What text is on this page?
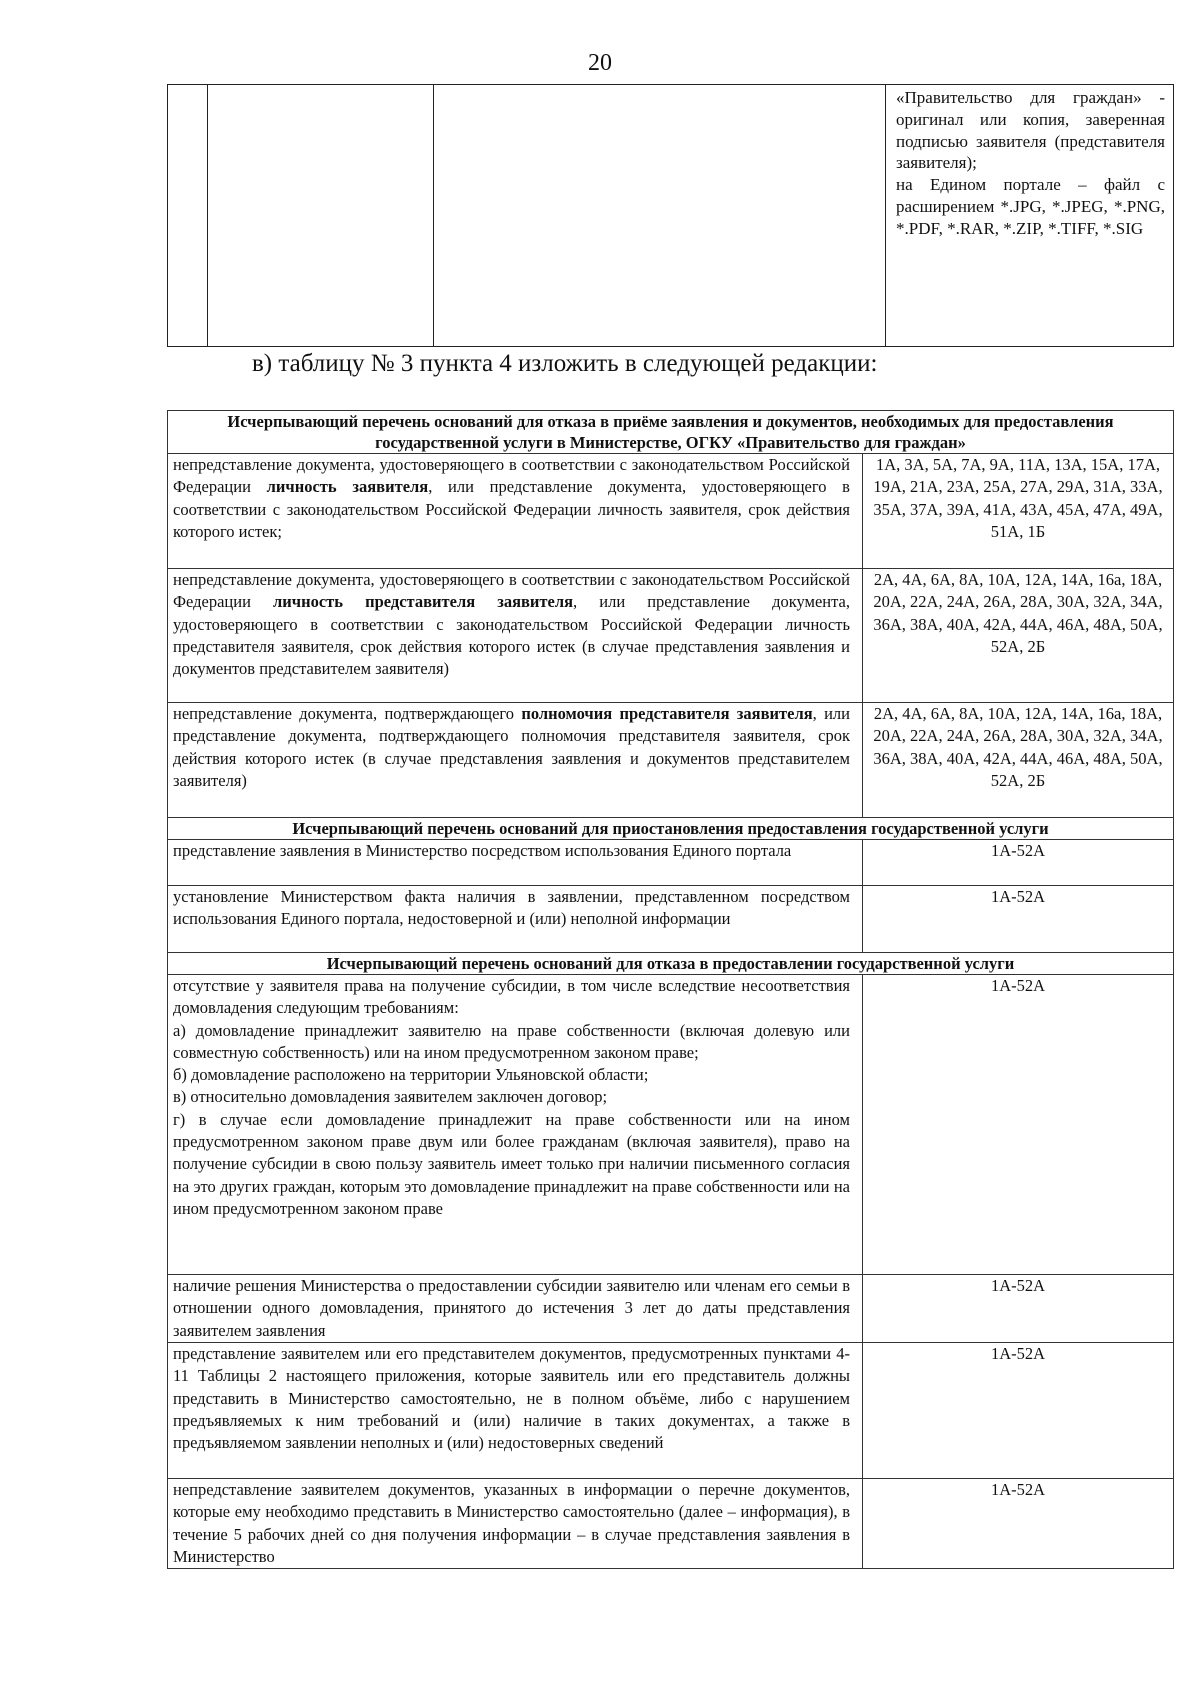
20

«Правительство для граждан» - оригинал или копия, заверенная подписью заявителя (представителя заявителя);
на Едином портале – файл с расширением *.JPG, *.JPEG, *.PNG, *.PDF, *.RAR, *.ZIP, *.TIFF, *.SIG
в) таблицу № 3 пункта 4 изложить в следующей редакции:
Исчерпывающий перечень оснований для отказа в приёме заявления и документов, необходимых для предоставления государственной услуги в Министерстве, ОГКУ «Правительство для граждан»	
непредставление документа, удостоверяющего в соответствии с законодательством Российской Федерации личность заявителя, или представление документа, удостоверяющего в соответствии с законодательством Российской Федерации личность заявителя, срок действия которого истек;	1А, 3А, 5А, 7А, 9А, 11А, 13А, 15А, 17А, 19А, 21А, 23А, 25А, 27А, 29А, 31А, 33А, 35А, 37А, 39А, 41А, 43А, 45А, 47А, 49А, 51А, 1Б
непредставление документа, удостоверяющего в соответствии с законодательством Российской Федерации личность представителя заявителя, или представление документа, удостоверяющего в соответствии с законодательством Российской Федерации личность представителя заявителя, срок действия которого истек (в случае представления заявления и документов представителем заявителя)	2А, 4А, 6А, 8А, 10А, 12А, 14А, 16а, 18А, 20А, 22А, 24А, 26А, 28А, 30А, 32А, 34А, 36А, 38А, 40А, 42А, 44А, 46А, 48А, 50А, 52А, 2Б
непредставление документа, подтверждающего полномочия представителя заявителя, или представление документа, подтверждающего полномочия представителя заявителя, срок действия которого истек (в случае представления заявления и документов представителем заявителя)	2А, 4А, 6А, 8А, 10А, 12А, 14А, 16а, 18А, 20А, 22А, 24А, 26А, 28А, 30А, 32А, 34А, 36А, 38А, 40А, 42А, 44А, 46А, 48А, 50А, 52А, 2Б
Исчерпывающий перечень оснований для приостановления предоставления государственной услуги	
представление заявления в Министерство посредством использования Единого портала	1А-52А
установление Министерством факта наличия в заявлении, представленном посредством использования Единого портала, недостоверной и (или) неполной информации	1А-52А
Исчерпывающий перечень оснований для отказа в предоставлении государственной услуги	

отсутствие у заявителя права на получение субсидии, в том числе вследствие несоответствия домовладения следующим требованиям:
а) домовладение принадлежит заявителю на праве собственности (включая долевую или совместную собственность) или на ином предусмотренном законом праве;
б) домовладение расположено на территории Ульяновской области;
в) относительно домовладения заявителем заключен договор;
г) в случае если домовладение принадлежит на праве собственности или на ином предусмотренном законом праве двум или более гражданам (включая заявителя), право на получение субсидии в свою пользу заявитель имеет только при наличии письменного согласия на это других граждан, которым это домовладение принадлежит на праве собственности или на ином предусмотренном законом праве	1А-52А
наличие решения Министерства о предоставлении субсидии заявителю или членам его семьи в отношении одного домовладения, принятого до истечения 3 лет до даты представления заявителем заявления	1А-52А
представление заявителем или его представителем документов, предусмотренных пунктами 4-11 Таблицы 2 настоящего приложения, которые заявитель или его представитель должны представить в Министерство самостоятельно, не в полном объёме, либо с нарушением предъявляемых к ним требований и (или) наличие в таких документах, а также в предъявляемом заявлении неполных и (или) недостоверных сведений	1А-52А
непредставление заявителем документов, указанных в информации о перечне документов, которые ему необходимо представить в Министерство самостоятельно (далее – информация), в течение 5 рабочих дней со дня получения информации – в случае представления заявления в Министерство	1А-52А
